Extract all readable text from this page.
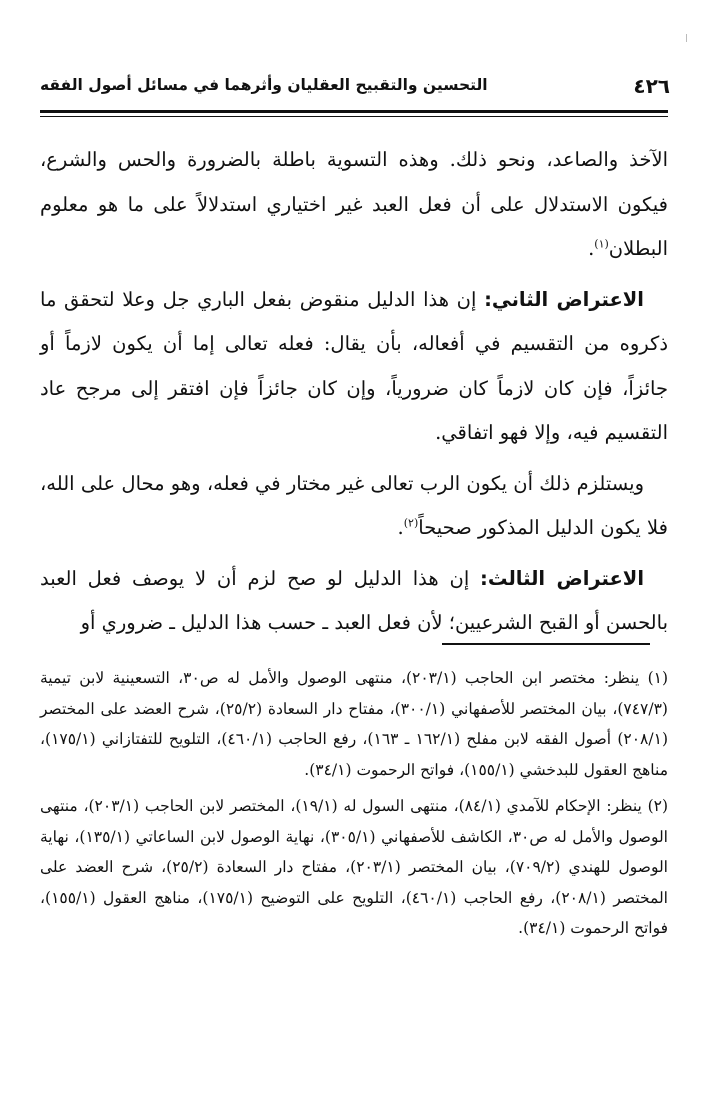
٤٢٦
التحسين والتقبيح العقليان وأثرهما في مسائل أصول الفقه

الآخذ والصاعد، ونحو ذلك. وهذه التسوية باطلة بالضرورة والحس والشرع، فيكون الاستدلال على أن فعل العبد غير اختياري استدلالاً على ما هو معلوم البطلان$^{(١)}$.

الاعتراض الثاني: إن هذا الدليل منقوض بفعل الباري جل وعلا لتحقق ما ذكروه من التقسيم في أفعاله، بأن يقال: فعله تعالى إما أن يكون لازماً أو جائزاً، فإن كان لازماً كان ضرورياً، وإن كان جائزاً فإن افتقر إلى مرجح عاد التقسيم فيه، وإلا فهو اتفاقي.

ويستلزم ذلك أن يكون الرب تعالى غير مختار في فعله، وهو محال على الله، فلا يكون الدليل المذكور صحيحاً$^{(٢)}$.

الاعتراض الثالث: إن هذا الدليل لو صح لزم أن لا يوصف فعل العبد بالحسن أو القبح الشرعيين؛ لأن فعل العبد ـ حسب هذا الدليل ـ ضروري أو

(١) ينظر: مختصر ابن الحاجب (٢٠٣/١)، منتهى الوصول والأمل له ص٣٠، التسعينية لابن تيمية (٧٤٧/٣)، بيان المختصر للأصفهاني (٣٠٠/١)، مفتاح دار السعادة (٢٥/٢)، شرح العضد على المختصر (٢٠٨/١) أصول الفقه لابن مفلح (١٦٢/١ ـ ١٦٣)، رفع الحاجب (٤٦٠/١)، التلويح للتفتازاني (١٧٥/١)، مناهج العقول للبدخشي (١٥٥/١)، فواتح الرحموت (٣٤/١).

(٢) ينظر: الإحكام للآمدي (٨٤/١)، منتهى السول له (١٩/١)، المختصر لابن الحاجب (٢٠٣/١)، منتهى الوصول والأمل له ص٣٠، الكاشف للأصفهاني (٣٠٥/١)، نهاية الوصول لابن الساعاتي (١٣٥/١)، نهاية الوصول للهندي (٧٠٩/٢)، بيان المختصر (٢٠٣/١)، مفتاح دار السعادة (٢٥/٢)، شرح العضد على المختصر (٢٠٨/١)، رفع الحاجب (٤٦٠/١)، التلويح على التوضيح (١٧٥/١)، مناهج العقول (١٥٥/١)، فواتح الرحموت (٣٤/١).
